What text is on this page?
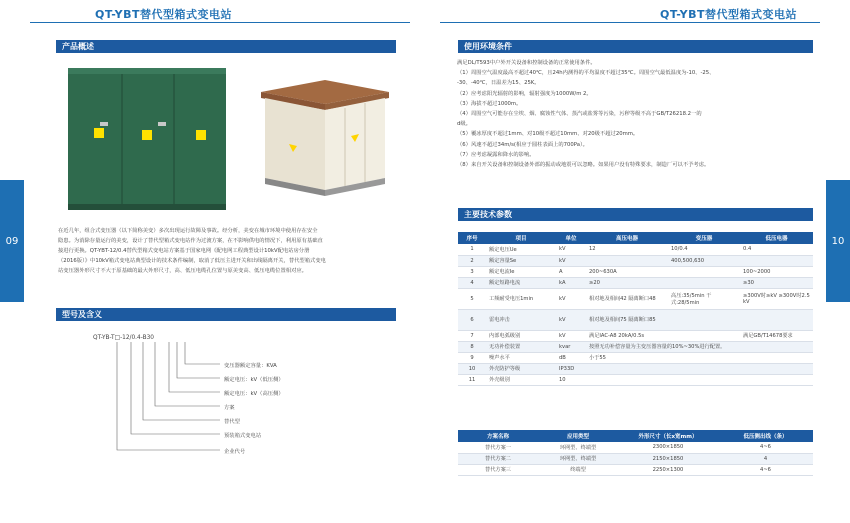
QT-YBT替代型箱式变电站
产品概述
在近几年，组合式变压器（以下简称美变）多次出现运行故障及事故。经分析，美变在城市环境中使用存在安全
隐患。为消除存量运行的美变，设计了替代型箱式变电站作为过渡方案，在不影响供电的情况下，利用原有基础直
接进行更换。QT-YBT-12/0.4替代型箱式变电站方案基于国家电网《配电网工程典型设计10kV配电站房分册
（2016版）》中10kV箱式变电站典型设计的技术条件编制，取消了低压主进开关和出线隔离开关，替代型箱式变电
站变压器外形尺寸不大于原基础的最大外形尺寸，高、低压电缆孔位置与原美变高、低压电缆位置相对应。
型号及含义
QT-YB-T□-12/0.4-B30
变压器额定容量：KVA
额定电压：kV（低压侧）
额定电压：kV（高压侧）
方案
替代型
预装箱式变电站
企业代号
09
QT-YBT替代型箱式变电站
使用环境条件
满足DL/T593中户外开关设备和控制设备的正常使用条件。
（1）周围空气温度最高不超过40℃，且24h内测得的平均温度不超过35℃。周围空气最低温度为-10、-25、
-30、-40℃，日温差为15、25K。
（2）应考虑阳光辐射的影响，辐射强度为1000W/m 2。
（3）海拔不超过1000m。
（4）周围空气可能存在尘埃、烟、腐蚀性气体、蒸汽或盐雾等污染，污秽等级不高于GB/T26218.2一的
d级。
（5）覆冰厚度不超过1mm、对10级不超过10mm、对20级不超过20mm。
（6）风速不超过34m/s(相应于圆柱表面上的700Pa）。
（7）应考虑凝露和降水的影响。
（8）来自开关设备和控制设备外部的振动或地震可以忽略。如果用户没有特殊要求，制造厂可以不予考虑。
主要技术参数
序号	项目	单位	高压电器	变压器	低压电器
1	额定电压Ue	kV	12	10/0.4	0.4
2	额定容量Se	kV		400,500,630	
3	额定电流Ie	A	200~630A		100~2000
4	额定短路电流	kA	≥20		≥30
5	工频耐受电压1min	kV	相对地及相间42 隔离断口48	高压:35/5min 干式:28/5min	≥300V时≥kV ≥300V时2.5 kV
6	雷电冲击	kV	相对地及相间75 隔离断口85		
7	内部电弧级别	kV	满足IAC-A8 20kA/0.5s		满足GB/T14678要求
8	无功补偿装置	kvar	按照无功补偿容量为主变压器容量的10%~30%进行配置。		
9	噪声水平	dB	小于55		
10	外壳防护等级	IP33D			
11	外壳级别	10			
方案名称	应用类型	外形尺寸（长x宽mm）	低压侧出线（条）
替代方案一	环网型、终端型	2300×1850	4~6
替代方案二	环网型、终端型	2150×1850	4
替代方案三	终端型	2250×1300	4~6
10
